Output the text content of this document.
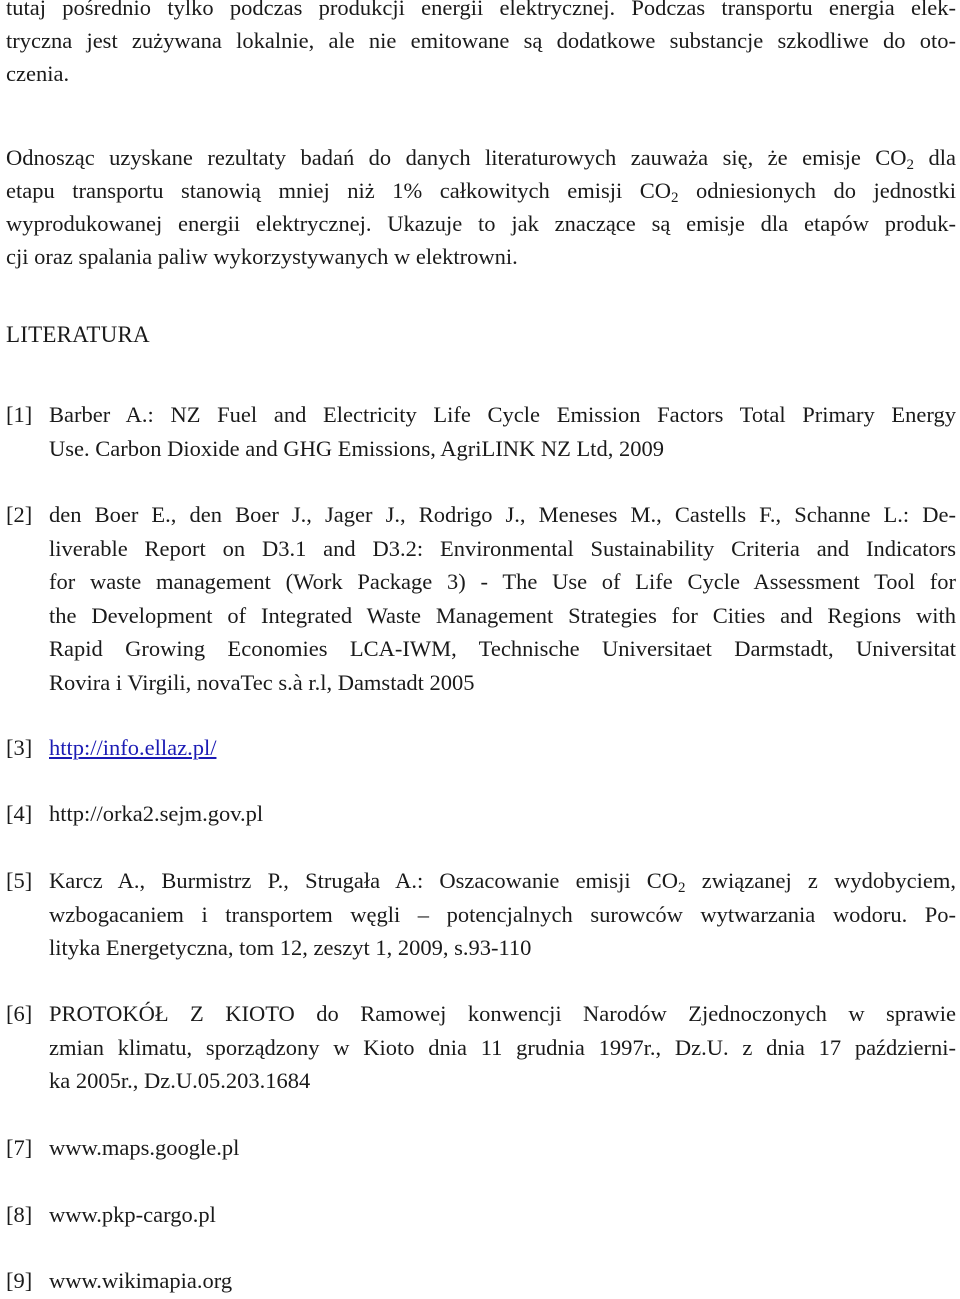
tutaj pośrednio tylko podczas produkcji energii elektrycznej. Podczas transportu energia elek-
tryczna jest zużywana lokalnie, ale nie emitowane są dodatkowe substancje szkodliwe do oto-
czenia.
Odnosząc uzyskane rezultaty badań do danych literaturowych zauważa się, że emisje $CO_2$ dla
etapu transportu stanowią mniej niż 1% całkowitych emisji $CO_2$ odniesionych do jednostki
wyprodukowanej energii elektrycznej. Ukazuje to jak znaczące są emisje dla etapów produk-
cji oraz spalania paliw wykorzystywanych w elektrowni.
LITERATURA
[1] Barber A.: NZ Fuel and Electricity Life Cycle Emission Factors Total Primary Energy
Use. Carbon Dioxide and GHG Emissions, AgriLINK NZ Ltd, 2009
[2] den Boer E., den Boer J., Jager J., Rodrigo J., Meneses M., Castells F., Schanne L.: De-
liverable Report on D3.1 and D3.2: Environmental Sustainability Criteria and Indicators
for waste management (Work Package 3) - The Use of Life Cycle Assessment Tool for
the Development of Integrated Waste Management Strategies for Cities and Regions with
Rapid Growing Economies LCA-IWM, Technische Universitaet Darmstadt, Universitat
Rovira i Virgili, novaTec s.à r.l, Damstadt 2005
[3] http://info.ellaz.pl/
[4] http://orka2.sejm.gov.pl
[5] Karcz A., Burmistrz P., Strugała A.: Oszacowanie emisji $CO_2$ związanej z wydobyciem,
wzbogacaniem i transportem węgli – potencjalnych surowców wytwarzania wodoru. Po-
lityka Energetyczna, tom 12, zeszyt 1, 2009, s.93-110
[6] PROTOKÓŁ Z KIOTO do Ramowej konwencji Narodów Zjednoczonych w sprawie
zmian klimatu, sporządzony w Kioto dnia 11 grudnia 1997r., Dz.U. z dnia 17 październi-
ka 2005r., Dz.U.05.203.1684
[7] www.maps.google.pl
[8] www.pkp-cargo.pl
[9] www.wikimapia.org
